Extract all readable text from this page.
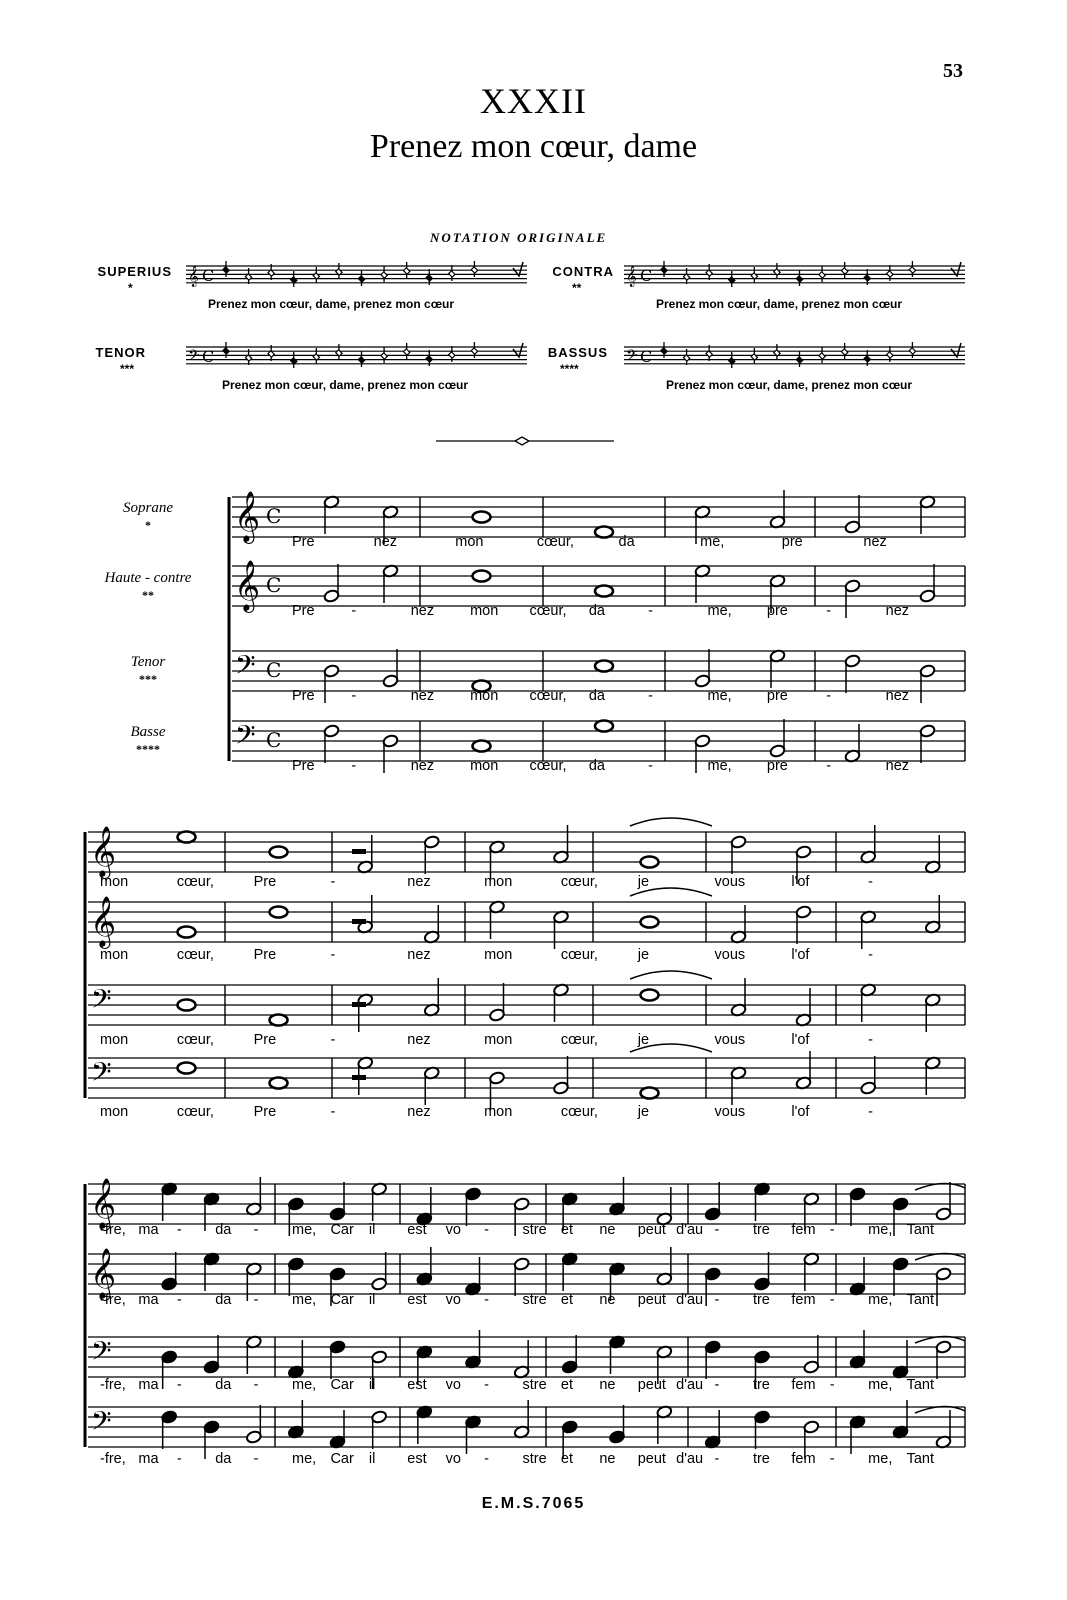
53
XXXII
Prenez mon cœur, dame
NOTATION ORIGINALE
SUPERIUS
*
Prenez mon cœur, dame, prenez mon cœur
CONTRA
**
Prenez mon cœur, dame, prenez mon cœur
TENOR
***
Prenez mon cœur, dame, prenez mon cœur
BASSUS
****
Prenez mon cœur, dame, prenez mon cœur
Soprane
*
Haute - contre
**
Tenor
***
Basse
****
𝄞 C	𝄞 C
𝄢 C	𝄢 C
𝄞 C
𝄞 C
𝄢 C
𝄢 C
𝄞
𝄞
𝄢
𝄢
𝄞
𝄞
𝄢
𝄢
Pre	nez	mon	cœur,	da	me,	pre	nez
Pre	-	nez mon cœur, da	-	me, pre	-	nez
Pre	-	nez mon cœur, da	-	me, pre	-	nez
Pre	-	nez mon cœur, da	-	me, pre	-	nez
mon	cœur,	Pre	-	nez	mon	cœur,	je	vous	l'of	-
mon	cœur,	Pre	-	nez	mon	cœur,	je	vous	l'of	-
mon	cœur,	Pre	-	nez	mon	cœur,	je	vous	l'of	-
mon	cœur,	Pre	-	nez	mon	cœur,	je	vous	l'of	-
-fre, ma - da - me, Car il est vo - stre et ne peut d'au - tre fem - me, Tant
-fre, ma - da - me, Car il est vo - stre et ne peut d'au - tre fem - me, Tant
-fre, ma - da - me, Car il est vo - stre et ne peut d'au - tre fem - me, Tant
-fre, ma - da - me, Car il est vo - stre et ne peut d'au - tre fem - me, Tant
E.M.S.7065
